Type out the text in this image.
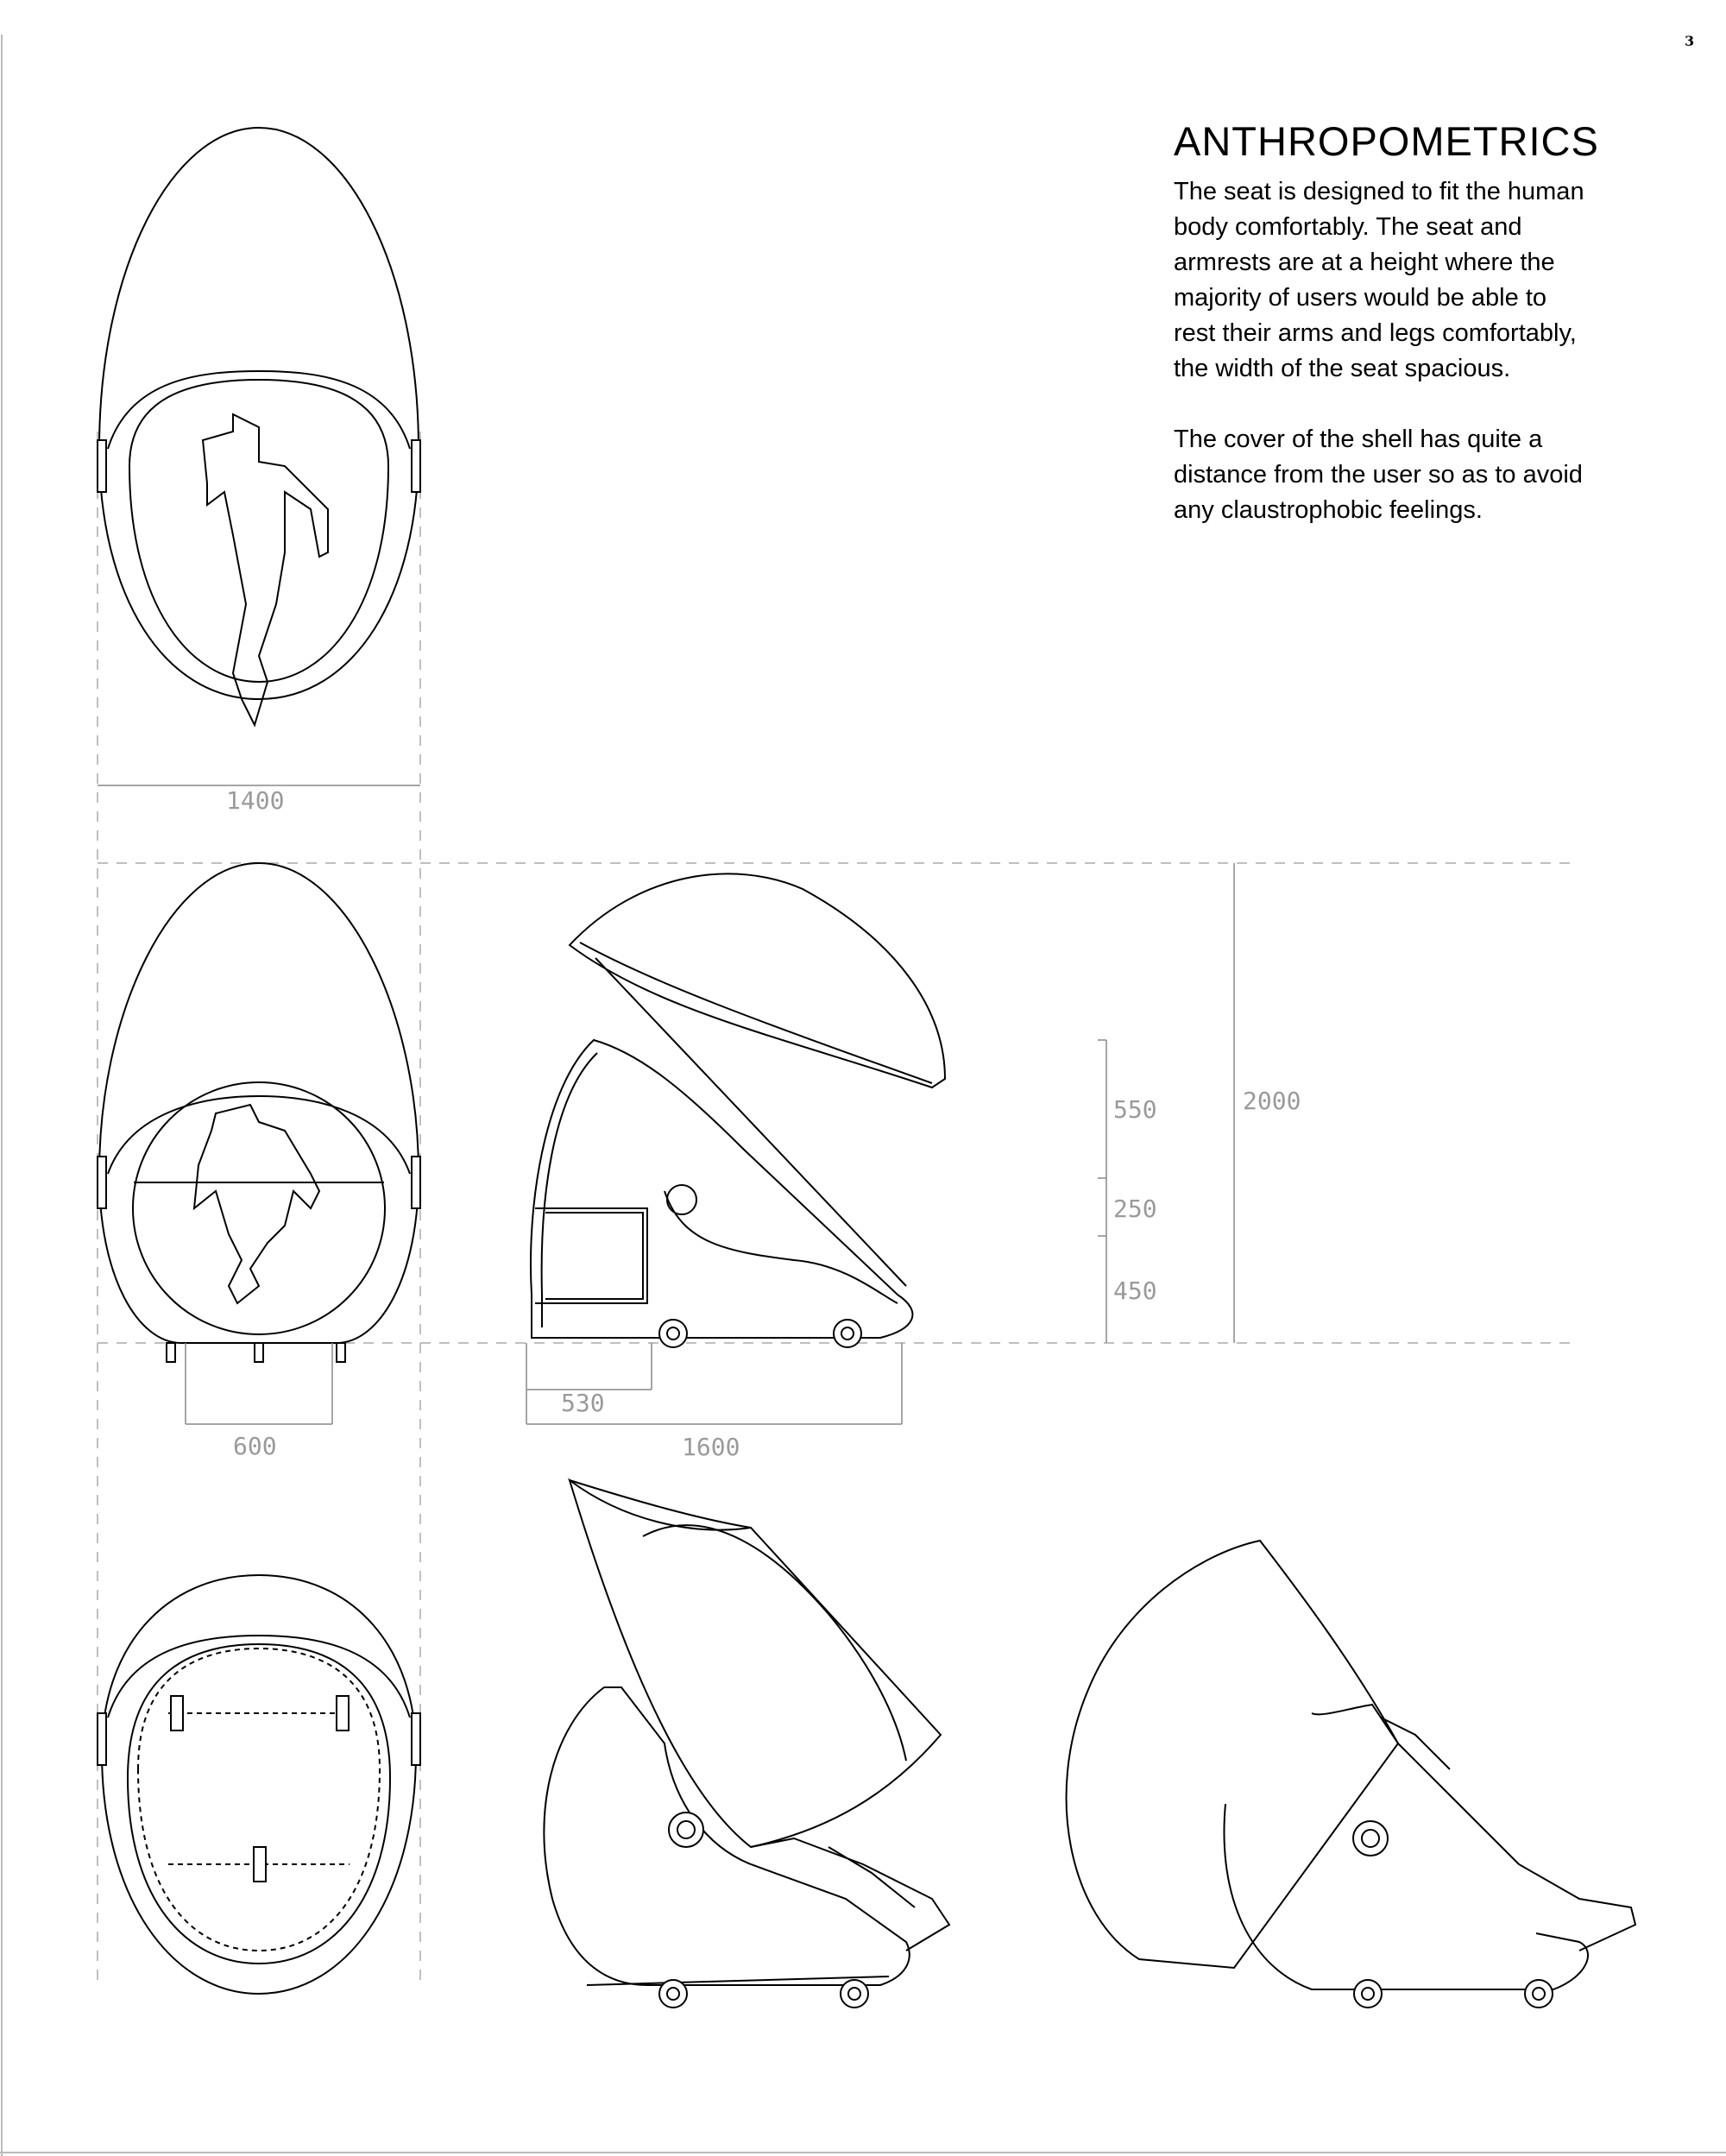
3
ANTHROPOMETRICS

The seat is designed to fit the human
body comfortably. The seat and
armrests are at a height where the
majority of users would be able to
rest their arms and legs comfortably,
the width of the seat spacious.

The cover of the shell has quite a
distance from the user so as to avoid
any claustrophobic feelings.

1400
600
530
1600
550
250
450
2000
